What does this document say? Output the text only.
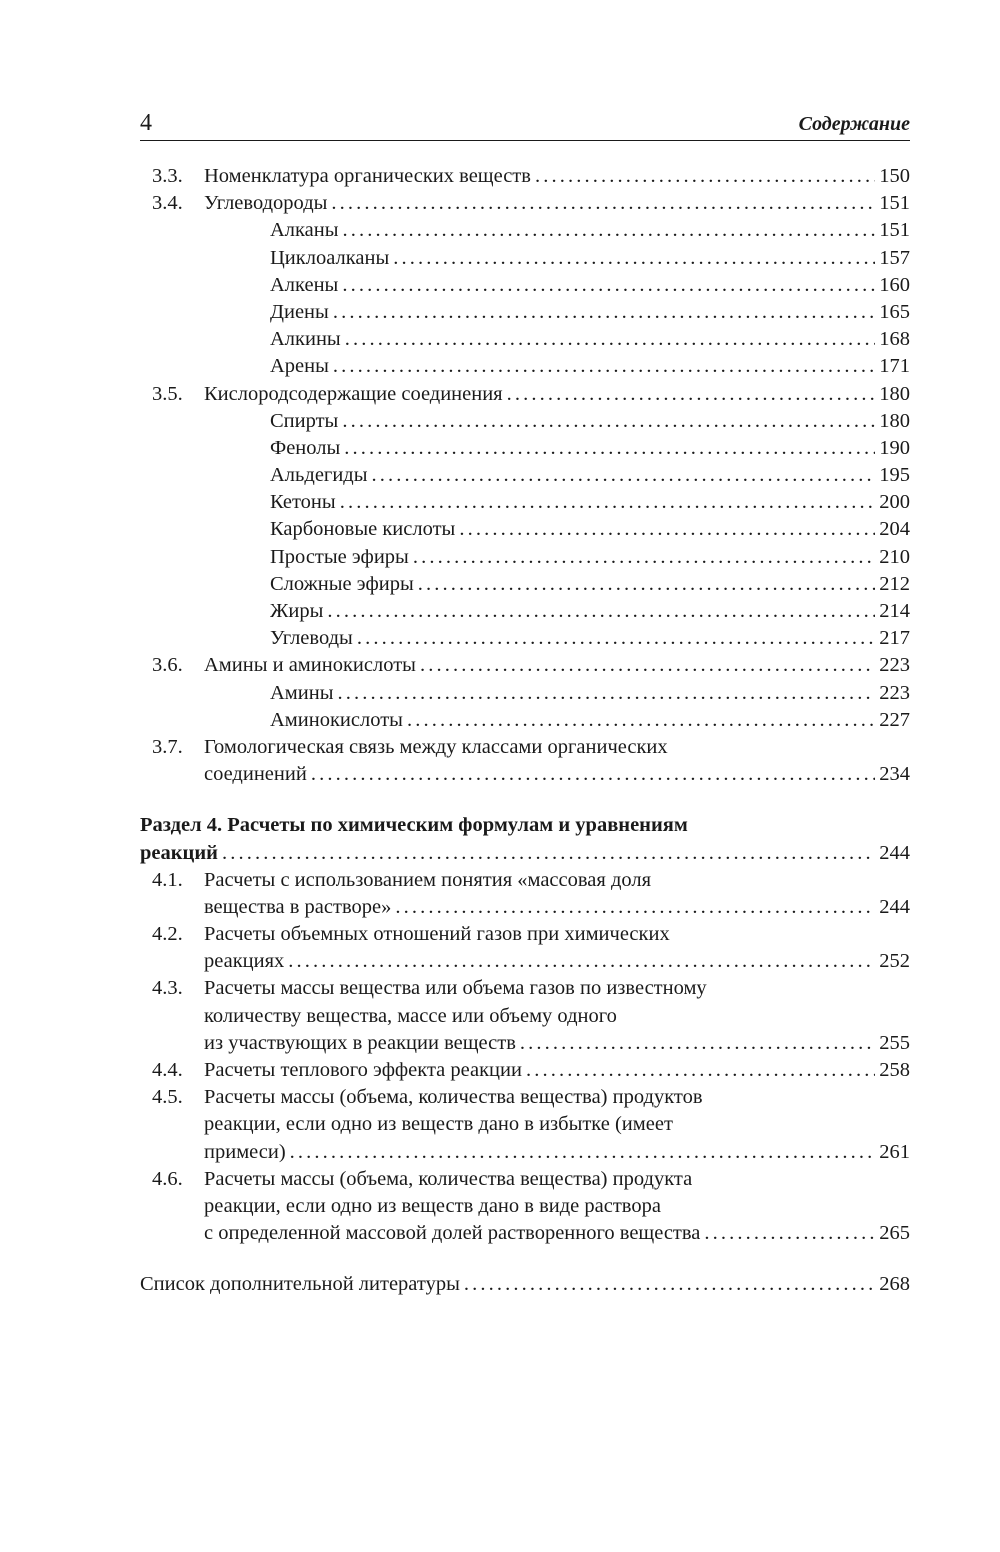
4	Содержание
3.3. Номенклатура органических веществ . . .	150
3.4. Углеводороды . . .	151
Алканы . . .	151
Циклоалканы . . .	157
Алкены . . .	160
Диены . . .	165
Алкины . . .	168
Арены . . .	171
3.5. Кислородсодержащие соединения . . .	180
Спирты . . .	180
Фенолы . . .	190
Альдегиды . . .	195
Кетоны . . .	200
Карбоновые кислоты . . .	204
Простые эфиры . . .	210
Сложные эфиры . . .	212
Жиры . . .	214
Углеводы . . .	217
3.6. Амины и аминокислоты . . .	223
Амины . . .	223
Аминокислоты . . .	227
3.7. Гомологическая связь между классами органических
соединений . . .	234
Раздел 4. Расчеты по химическим формулам и уравнениям
реакций . . .	244
4.1. Расчеты с использованием понятия «массовая доля
вещества в растворе» . . .	244
4.2. Расчеты объемных отношений газов при химических
реакциях . . .	252
4.3. Расчеты массы вещества или объема газов по известному
количеству вещества, массе или объему одного
из участвующих в реакции веществ . . .	255
4.4. Расчеты теплового эффекта реакции . . .	258
4.5. Расчеты массы (объема, количества вещества) продуктов
реакции, если одно из веществ дано в избытке (имеет
примеси) . . .	261
4.6. Расчеты массы (объема, количества вещества) продукта
реакции, если одно из веществ дано в виде раствора
с определенной массовой долей растворенного вещества . . .	265
Список дополнительной литературы . . .	268
